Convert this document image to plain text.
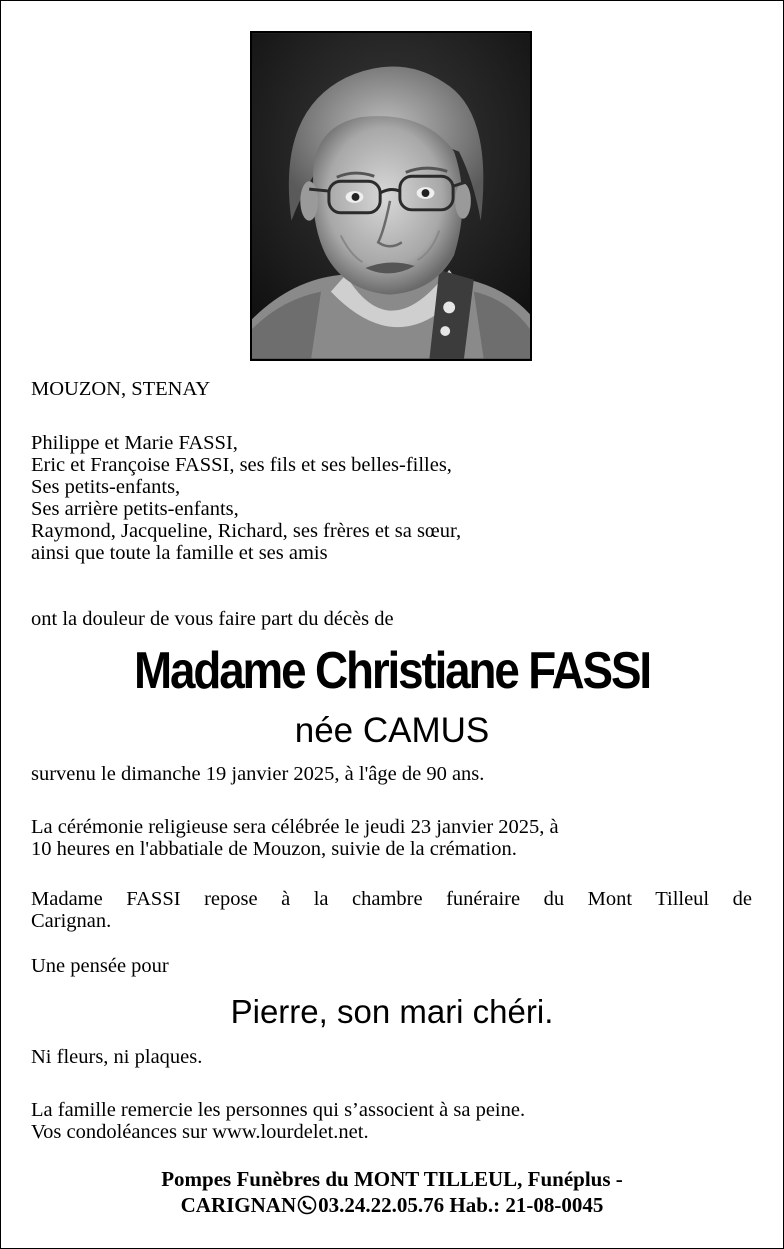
MOUZON, STENAY
Philippe et Marie FASSI,
Eric et Françoise FASSI, ses fils et ses belles-filles,
Ses petits-enfants,
Ses arrière petits-enfants,
Raymond, Jacqueline, Richard, ses frères et sa sœur,
ainsi que toute la famille et ses amis
ont la douleur de vous faire part du décès de
Madame Christiane FASSI
née CAMUS
survenu le dimanche 19 janvier 2025, à l'âge de 90 ans.
La cérémonie religieuse sera célébrée le jeudi 23 janvier 2025, à
10 heures en l'abbatiale de Mouzon, suivie de la crémation.
Madame FASSI repose à la chambre funéraire du Mont Tilleul de
Carignan.
Une pensée pour
Pierre, son mari chéri.
Ni fleurs, ni plaques.
La famille remercie les personnes qui s’associent à sa peine.
Vos condoléances sur www.lourdelet.net.
Pompes Funèbres du MONT TILLEUL, Funéplus -
CARIGNAN 03.24.22.05.76 Hab.: 21-08-0045
